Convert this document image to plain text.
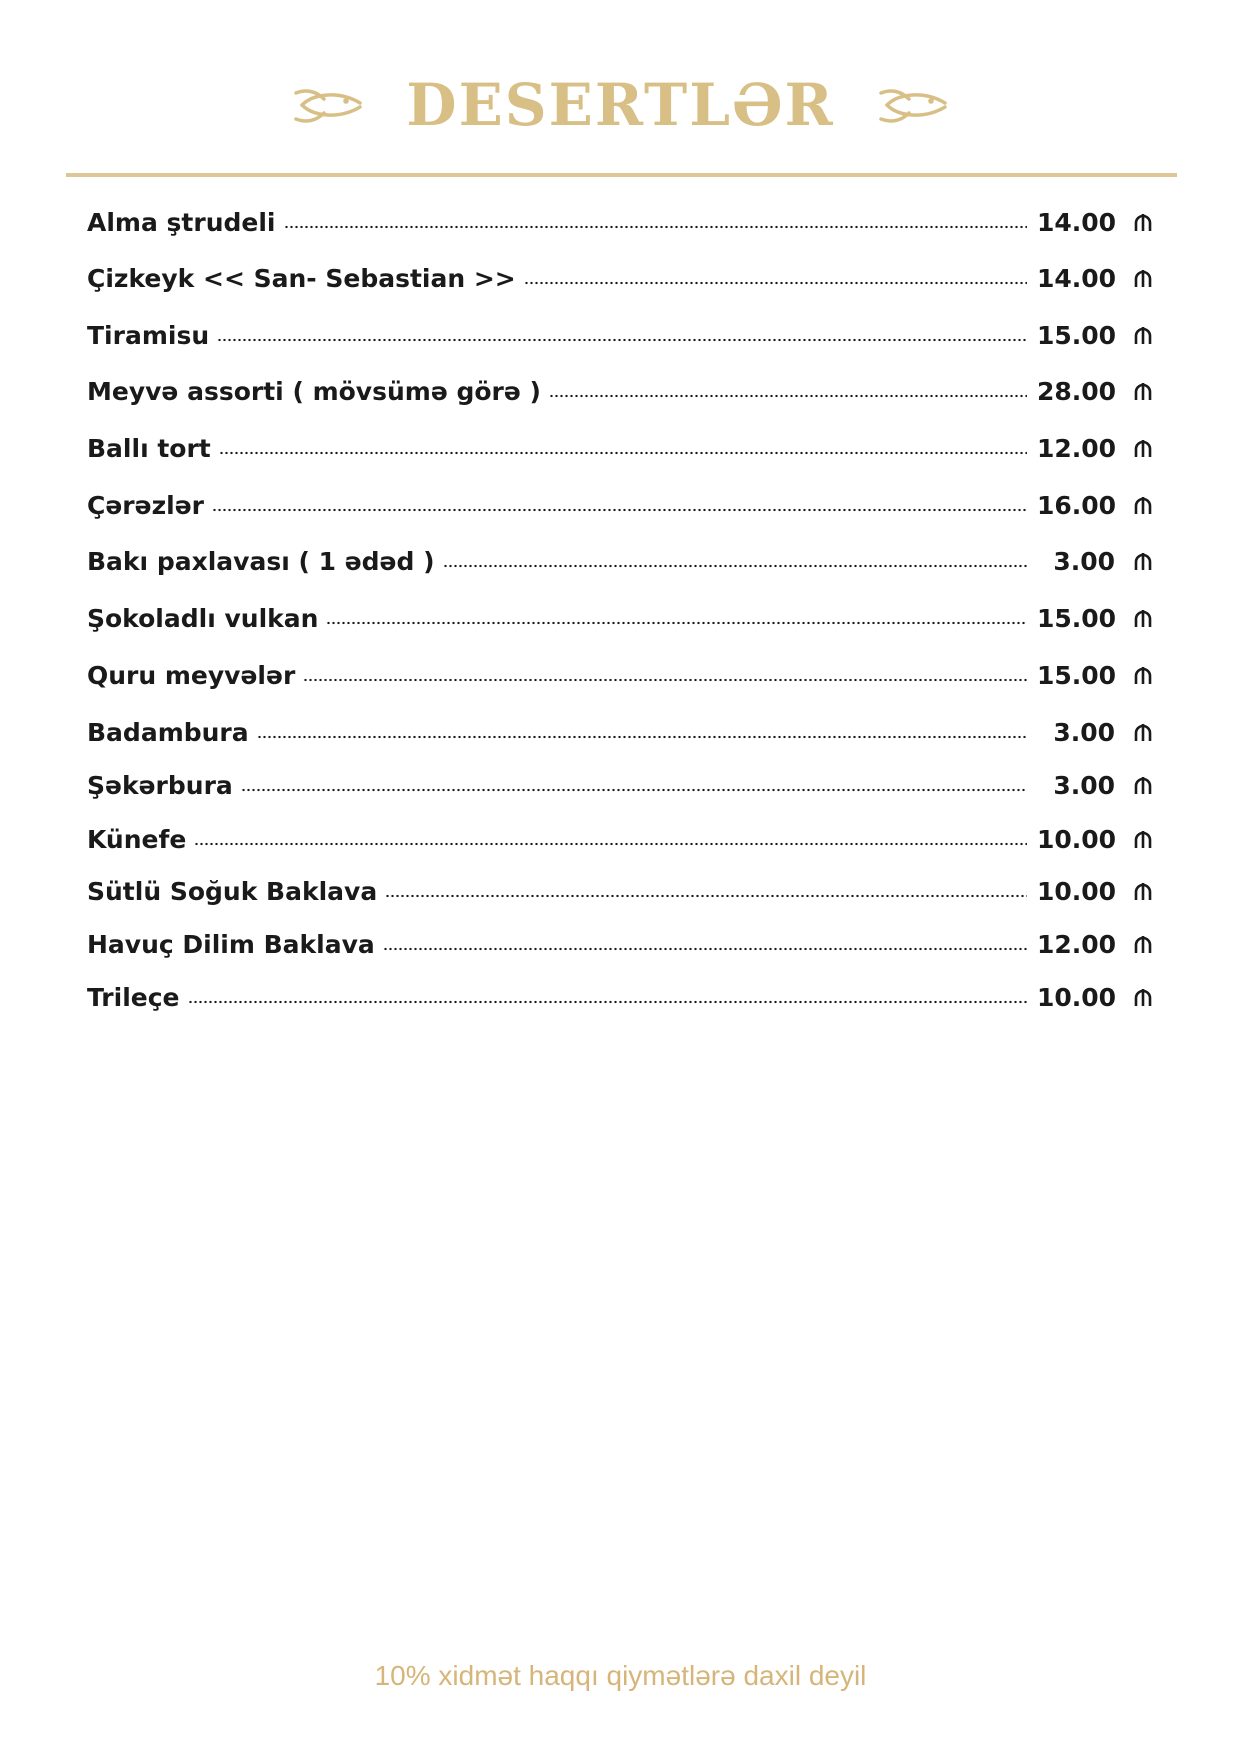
DESERTLƏR
Alma ştrudeli	14.00
Çizkeyk << San- Sebastian >>	14.00
Tiramisu	15.00
Meyvə assorti ( mövsümə görə )	28.00
Ballı tort	12.00
Çərəzlər	16.00
Bakı paxlavası ( 1 ədəd )	3.00
Şokoladlı vulkan	15.00
Quru meyvələr	15.00
Badambura	3.00
Şəkərbura	3.00
Künefe	10.00
Sütlü Soğuk Baklava	10.00
Havuç Dilim Baklava	12.00
Trileçe	10.00
10% xidmət haqqı qiymətlərə daxil deyil
